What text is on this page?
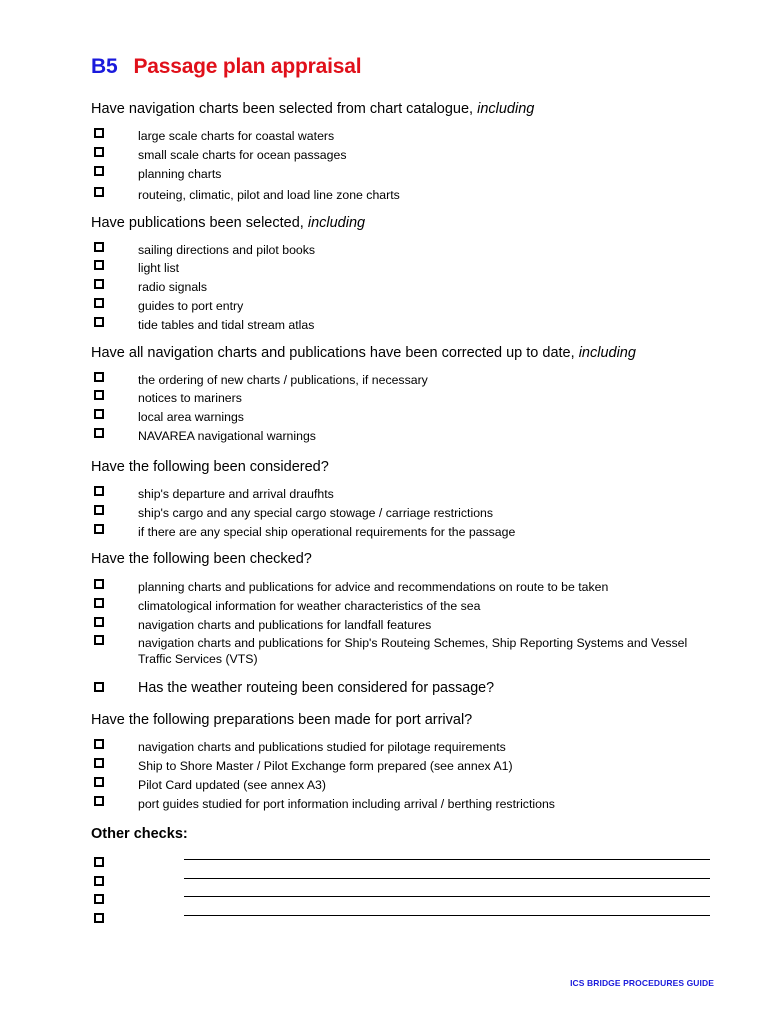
B5 Passage plan appraisal
Have navigation charts been selected from chart catalogue, including
large scale charts for coastal waters
small scale charts for ocean passages
planning charts
routeing, climatic, pilot and load line zone charts
Have publications been selected, including
sailing directions and pilot books
light list
radio signals
guides to port entry
tide tables and tidal stream atlas
Have all navigation charts and publications have been corrected up to date, including
the ordering of new charts / publications, if necessary
notices to mariners
local area warnings
NAVAREA navigational warnings
Have the following been considered?
ship's departure and arrival draufhts
ship's cargo and any special cargo stowage / carriage restrictions
if there are any special ship operational requirements for the passage
Have the following been checked?
planning charts and publications for advice and recommendations on route to be taken
climatological information for weather characteristics of the sea
navigation charts and publications for landfall features
navigation charts and publications for Ship's Routeing Schemes, Ship Reporting Systems and Vessel Traffic Services (VTS)
Has the weather routeing been considered for passage?
Have the following preparations been made for port arrival?
navigation charts and publications studied for pilotage requirements
Ship to Shore Master / Pilot Exchange form prepared (see annex A1)
Pilot Card updated (see annex A3)
port guides studied for port information including arrival / berthing restrictions
Other checks:
ICS BRIDGE PROCEDURES GUIDE
